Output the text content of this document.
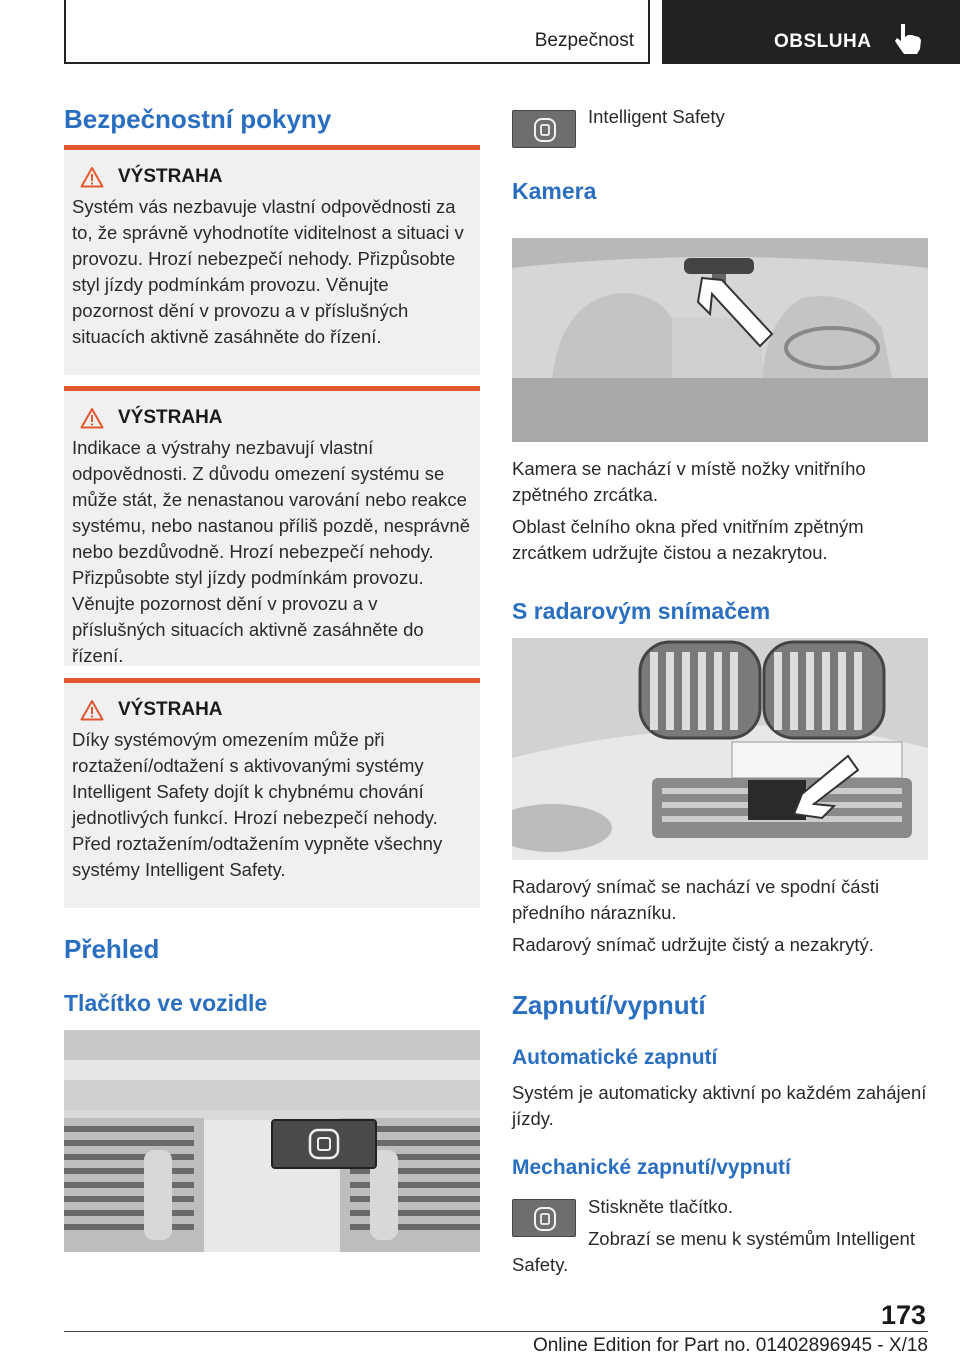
Bezpečnost	OBSLUHA
Bezpečnostní pokyny
VÝSTRAHA
Systém vás nezbavuje vlastní odpovědnosti za to, že správně vyhodnotíte viditelnost a situaci v provozu. Hrozí nebezpečí nehody. Přizpůsobte styl jízdy podmínkám provozu. Věnujte pozornost dění v provozu a v příslušných situacích aktivně zasáhněte do řízení.
VÝSTRAHA
Indikace a výstrahy nezbavují vlastní odpovědnosti. Z důvodu omezení systému se může stát, že nenastanou varování nebo reakce systému, nebo nastanou příliš pozdě, nesprávně nebo bezdůvodně. Hrozí nebezpečí nehody. Přizpůsobte styl jízdy podmínkám provozu. Věnujte pozornost dění v provozu a v příslušných situacích aktivně zasáhněte do řízení.
VÝSTRAHA
Díky systémovým omezením může při roztažení/odtažení s aktivovanými systémy Intelligent Safety dojít k chybnému chování jednotlivých funkcí. Hrozí nebezpečí nehody. Před roztažením/odtažením vypněte všechny systémy Intelligent Safety.
Přehled
Tlačítko ve vozidle
Intelligent Safety
Kamera
Kamera se nachází v místě nožky vnitřního zpětného zrcátka.
Oblast čelního okna před vnitřním zpětným zrcátkem udržujte čistou a nezakrytou.
S radarovým snímačem
Radarový snímač se nachází ve spodní části předního nárazníku.
Radarový snímač udržujte čistý a nezakrytý.
Zapnutí/vypnutí
Automatické zapnutí
Systém je automaticky aktivní po každém zahájení jízdy.
Mechanické zapnutí/vypnutí
Stiskněte tlačítko.
Zobrazí se menu k systémům Intelligent Safety.
173
Online Edition for Part no. 01402896945 - X/18
